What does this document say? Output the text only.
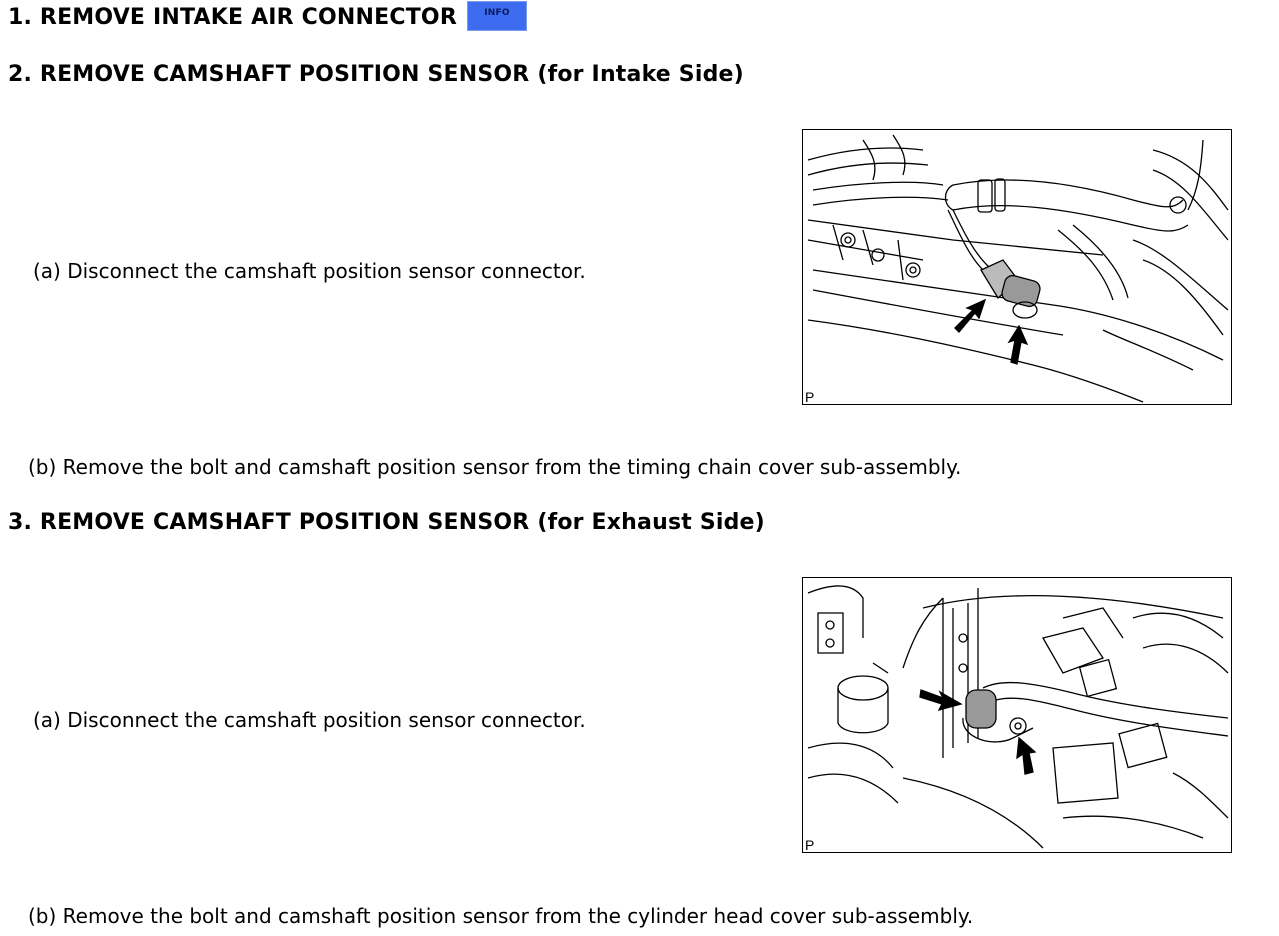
1. REMOVE INTAKE AIR CONNECTOR	INFO
2. REMOVE CAMSHAFT POSITION SENSOR (for Intake Side)
(a) Disconnect the camshaft position sensor connector.
P
(b) Remove the bolt and camshaft position sensor from the timing chain cover sub-assembly.
3. REMOVE CAMSHAFT POSITION SENSOR (for Exhaust Side)
(a) Disconnect the camshaft position sensor connector.
P
(b) Remove the bolt and camshaft position sensor from the cylinder head cover sub-assembly.
